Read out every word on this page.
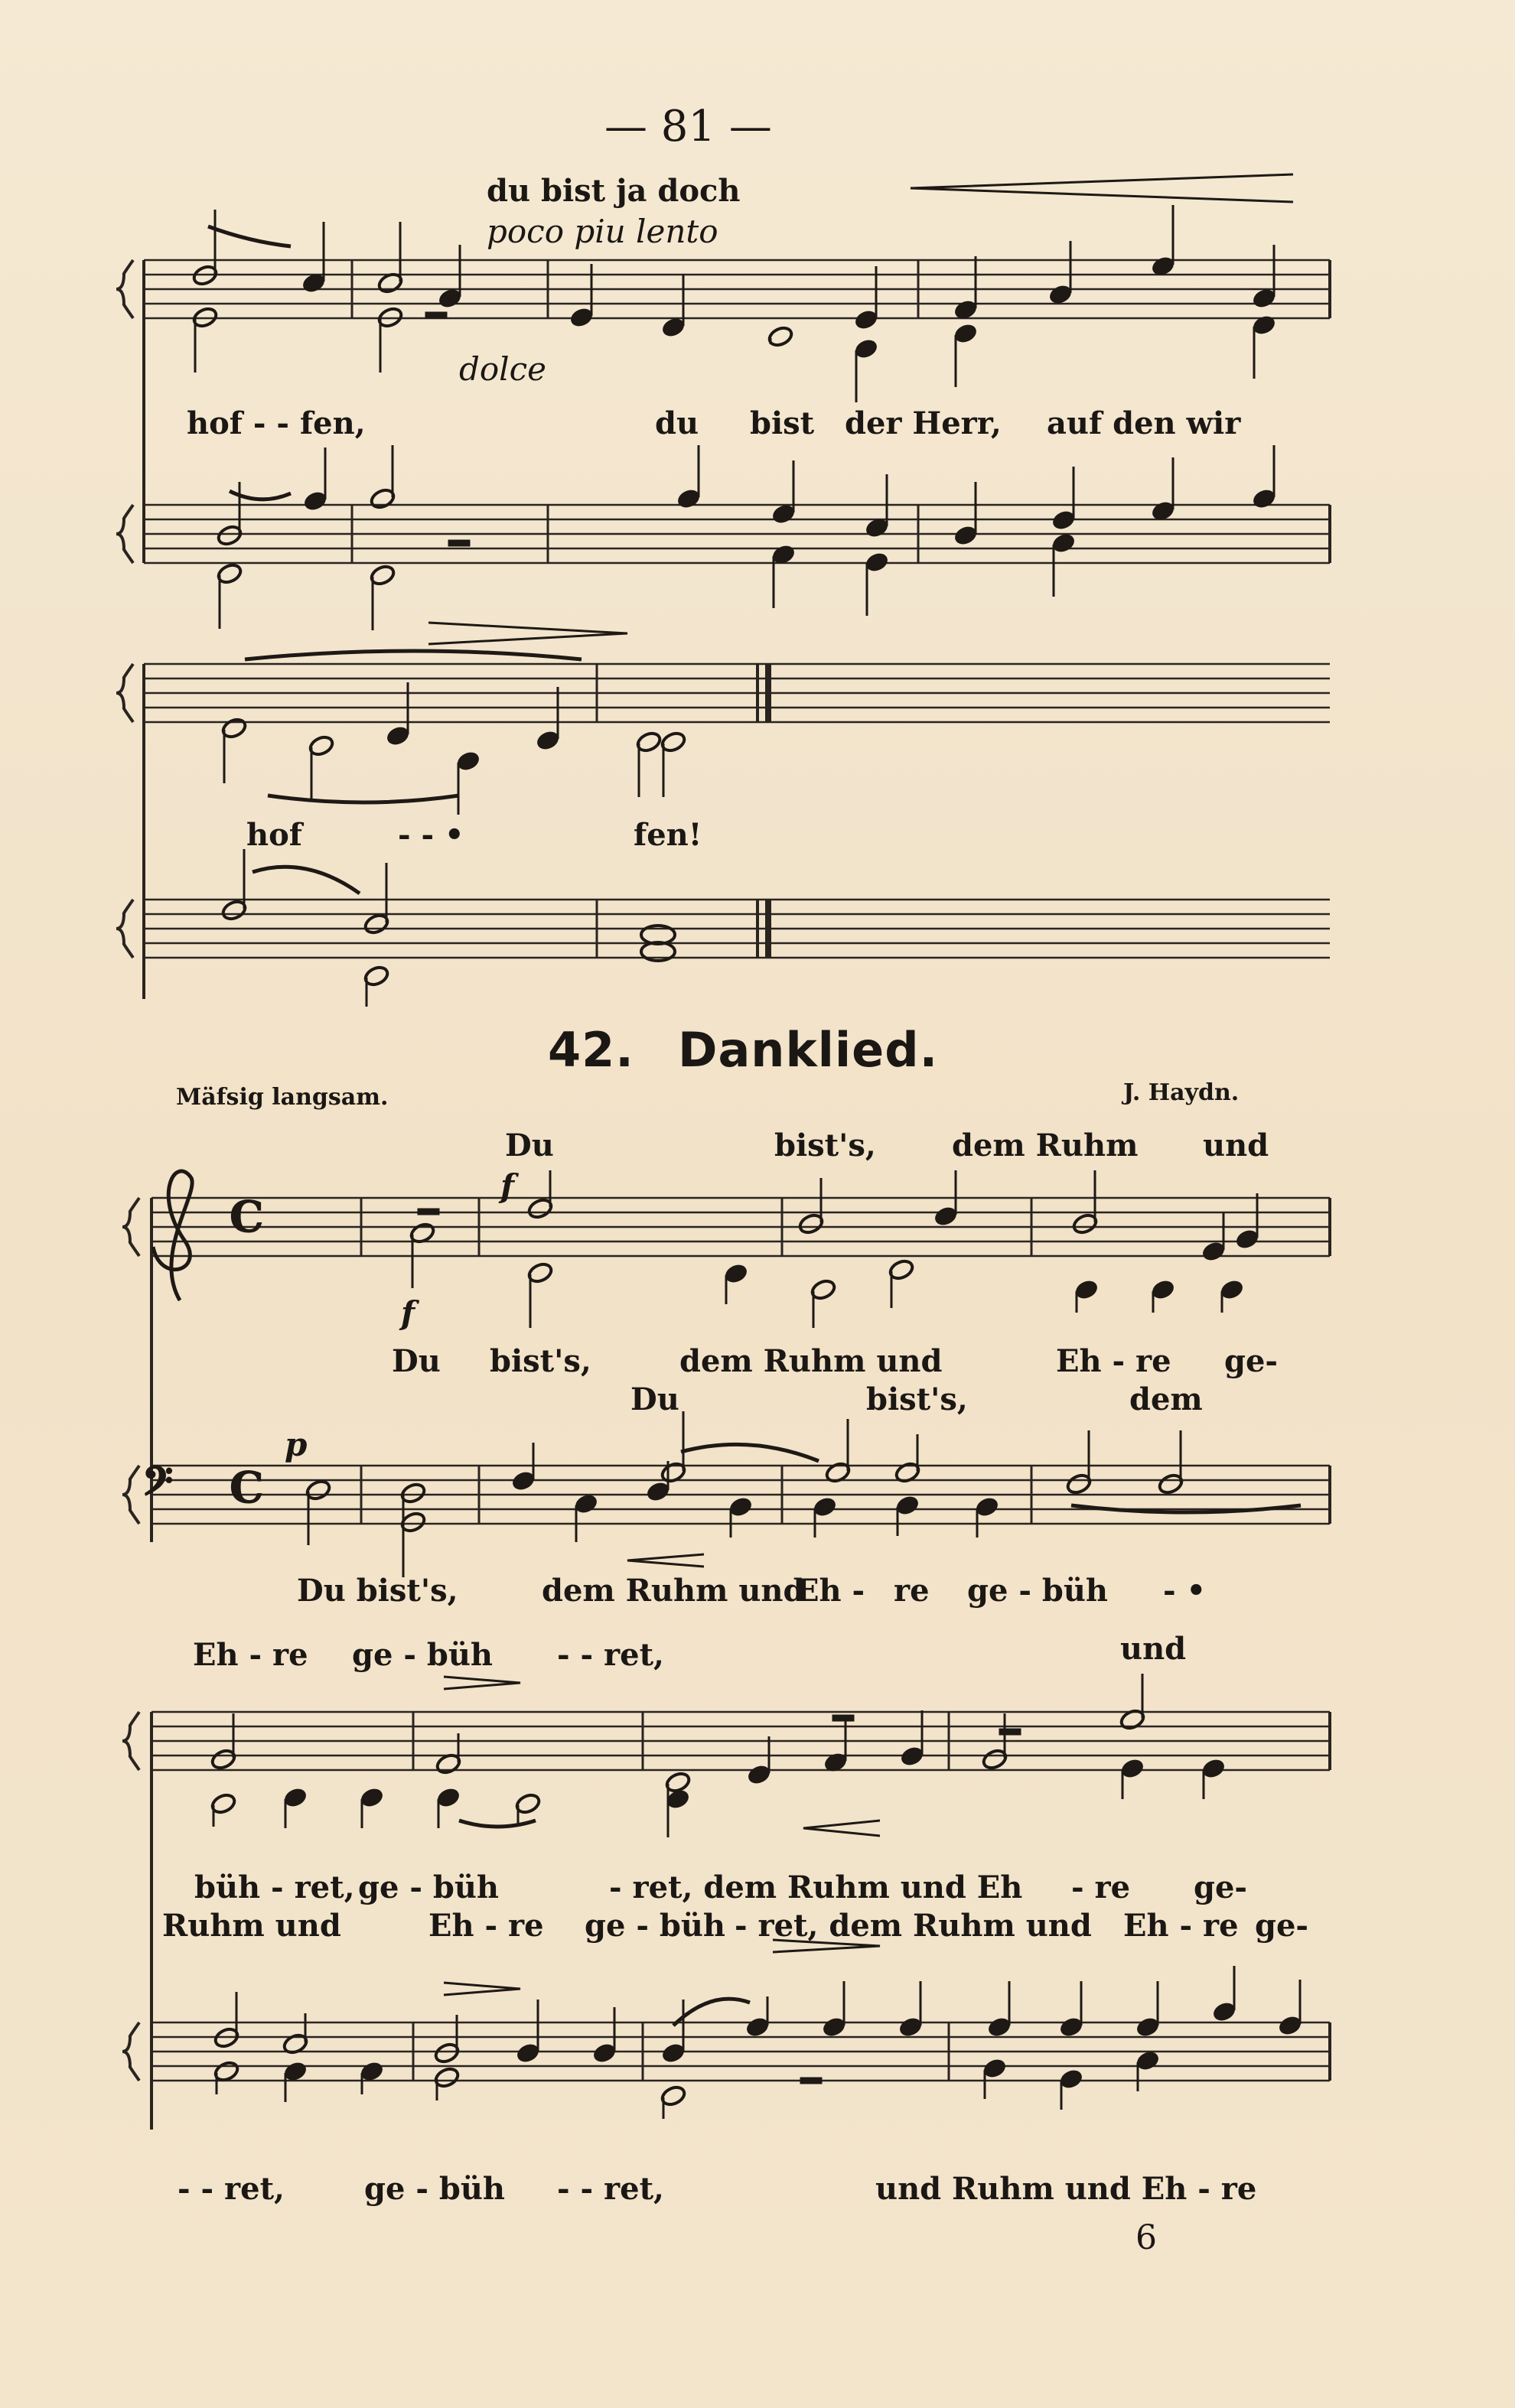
C
𝄢 C
— 81 —
du bist ja doch
poco piu lento
dolce
hof - - fen,	du bist der Herr, auf den wir
hof	- - •	fen!
42. Danklied.
Mäfsig langsam.	J. Haydn.
Du	bist's, dem Ruhm und
f
f
Du bist's,	dem Ruhm und	Eh - re ge-
Du	bist's,	dem
p
Du bist's,	dem Ruhm und
Eh - re ge - büh - •
Eh - re ge - büh - - ret,	und
büh - ret, ge - büh	- ret, dem Ruhm und Eh - re ge-
Ruhm und	Eh - re ge - büh - ret, dem Ruhm und Eh - re ge-
- - ret,	ge - büh - - ret,	und Ruhm und Eh - re
6
